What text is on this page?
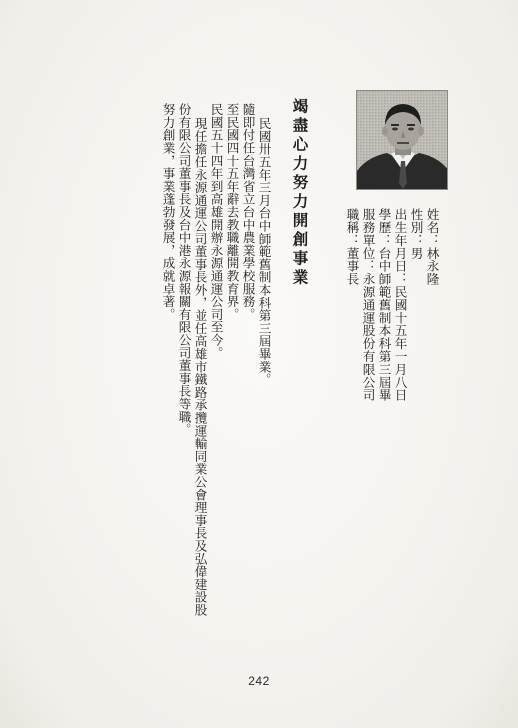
姓名：林永隆
性別：男
出生年月日：民國十五年一月八日
學歷：台中師範舊制本科第三屆畢
服務單位：永源通運股份有限公司
職稱：董事長
竭盡心力努力開創事業
民國卅五年三月台中師範舊制本科第三屆畢業。
隨即付任台灣省立台中農業學校服務。
至民國四十五年辭去教職離開教育界。
民國五十四年到高雄開辦永源通運公司至今。
現任擔任永源通運公司董事長外，並任高雄市鐵路承攬運輸同業公會理事長及弘偉建設股
份有限公司董事長及台中港永源報關有限公司董事長等職。
努力創業，事業蓬勃發展，成就卓著。
242
